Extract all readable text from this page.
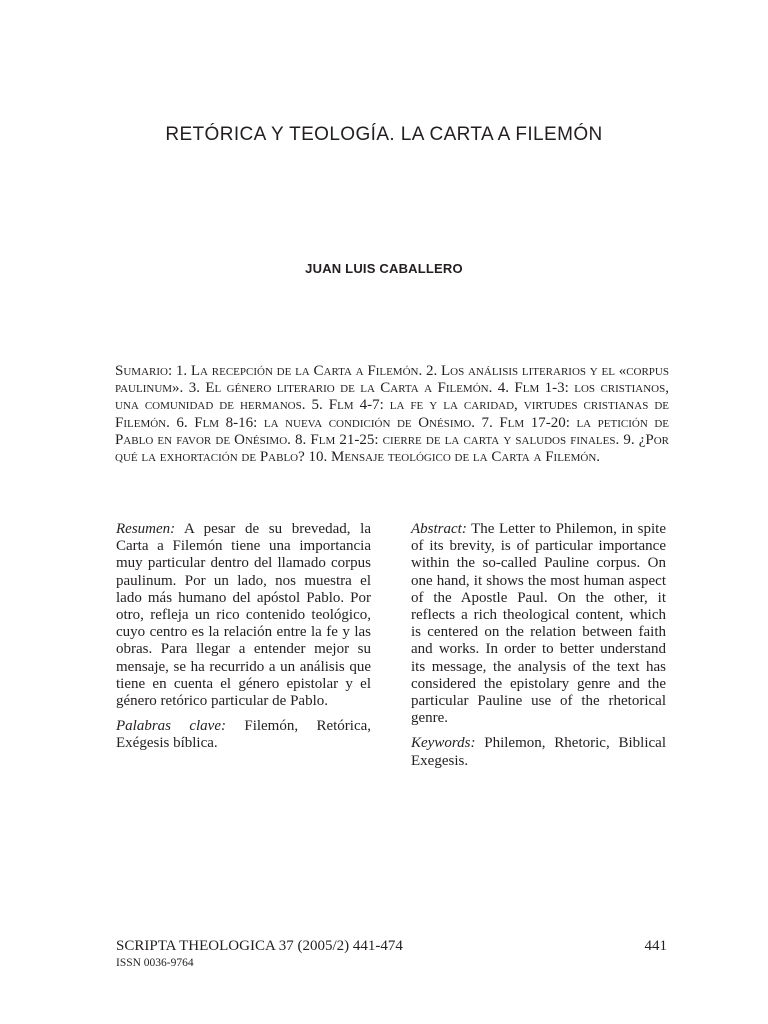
RETÓRICA Y TEOLOGÍA. LA CARTA A FILEMÓN
JUAN LUIS CABALLERO

Sumario: 1. La recepción de la Carta a Filemón. 2. Los análisis literarios y el «corpus paulinum». 3. El género literario de la Carta a Filemón. 4. Flm 1-3: los cristianos, una comunidad de hermanos. 5. Flm 4-7: la fe y la caridad, virtudes cristianas de Filemón. 6. Flm 8-16: la nueva condición de Onésimo. 7. Flm 17-20: la petición de Pablo en favor de Onésimo. 8. Flm 21-25: cierre de la carta y saludos finales. 9. ¿Por qué la exhortación de Pablo? 10. Mensaje teológico de la Carta a Filemón.

Resumen: A pesar de su brevedad, la Carta a Filemón tiene una importancia muy particular dentro del llamado corpus paulinum. Por un lado, nos muestra el lado más humano del apóstol Pablo. Por otro, refleja un rico contenido teológico, cuyo centro es la relación entre la fe y las obras. Para llegar a entender mejor su mensaje, se ha recurrido a un análisis que tiene en cuenta el género epistolar y el género retórico particular de Pablo.

Palabras clave: Filemón, Retórica, Exégesis bíblica.

Abstract: The Letter to Philemon, in spite of its brevity, is of particular importance within the so-called Pauline corpus. On one hand, it shows the most human aspect of the Apostle Paul. On the other, it reflects a rich theological content, which is centered on the relation between faith and works. In order to better understand its message, the analysis of the text has considered the epistolary genre and the particular Pauline use of the rhetorical genre.

Keywords: Philemon, Rhetoric, Biblical Exegesis.

SCRIPTA THEOLOGICA 37 (2005/2) 441-474	441
ISSN 0036-9764
